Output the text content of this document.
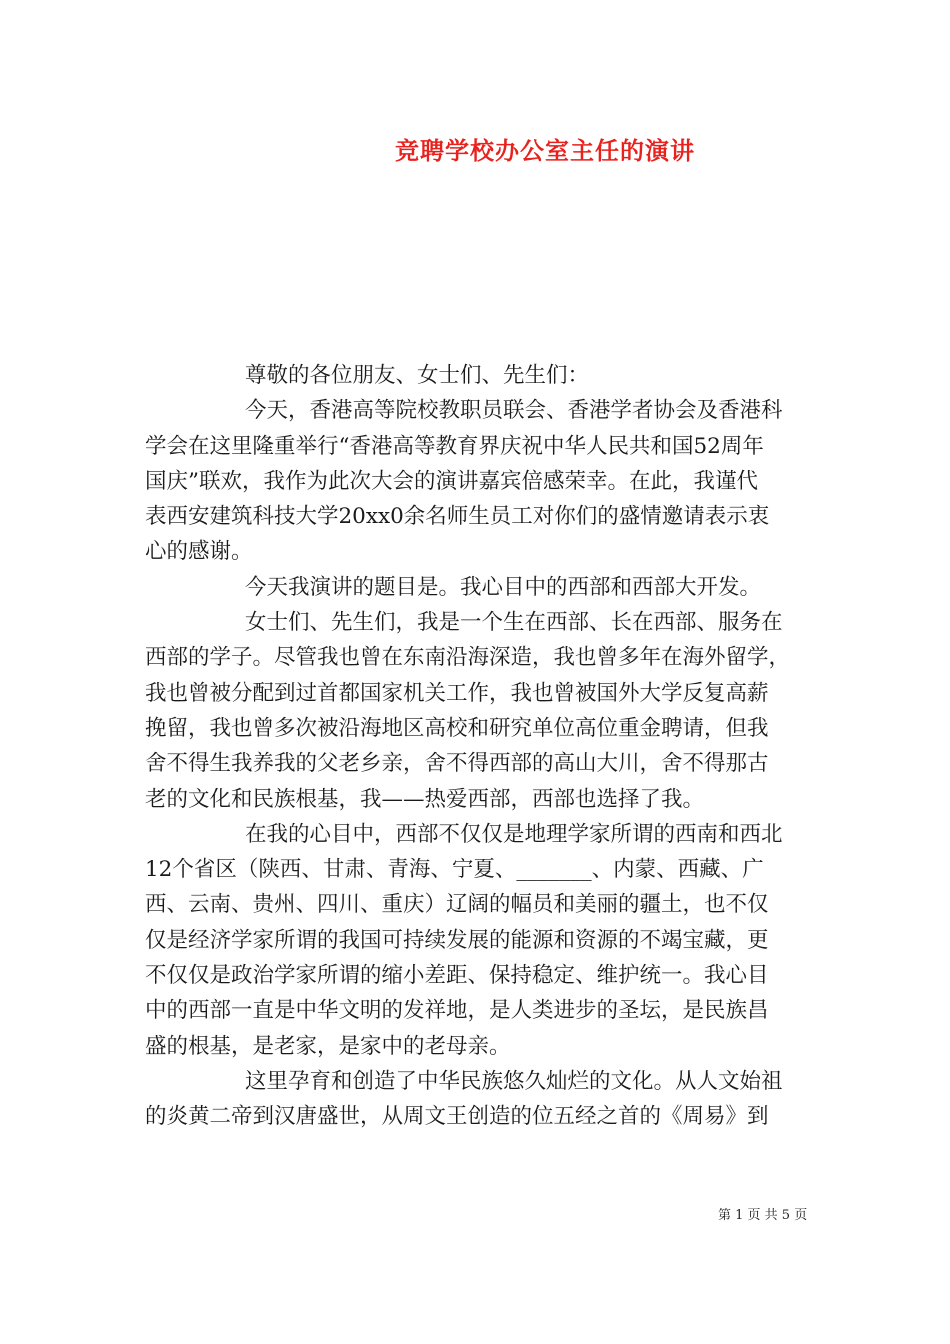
竞聘学校办公室主任的演讲
尊敬的各位朋友、女士们、先生们：
今天，香港高等院校教职员联会、香港学者协会及香港科
学会在这里隆重举行“香港高等教育界庆祝中华人民共和国52周年
国庆”联欢，我作为此次大会的演讲嘉宾倍感荣幸。在此，我谨代
表西安建筑科技大学20xx0余名师生员工对你们的盛情邀请表示衷
心的感谢。
今天我演讲的题目是。我心目中的西部和西部大开发。
女士们、先生们，我是一个生在西部、长在西部、服务在
西部的学子。尽管我也曾在东南沿海深造，我也曾多年在海外留学，
我也曾被分配到过首都国家机关工作，我也曾被国外大学反复高薪
挽留，我也曾多次被沿海地区高校和研究单位高位重金聘请，但我
舍不得生我养我的父老乡亲，舍不得西部的高山大川，舍不得那古
老的文化和民族根基，我——热爱西部，西部也选择了我。
在我的心目中，西部不仅仅是地理学家所谓的西南和西北
12个省区（陕西、甘肃、青海、宁夏、_______、内蒙、西藏、广
西、云南、贵州、四川、重庆）辽阔的幅员和美丽的疆土，也不仅
仅是经济学家所谓的我国可持续发展的能源和资源的不竭宝藏，更
不仅仅是政治学家所谓的缩小差距、保持稳定、维护统一。我心目
中的西部一直是中华文明的发祥地，是人类进步的圣坛，是民族昌
盛的根基，是老家，是家中的老母亲。
这里孕育和创造了中华民族悠久灿烂的文化。从人文始祖
的炎黄二帝到汉唐盛世，从周文王创造的位五经之首的《周易》到
第 1 页 共 5 页
